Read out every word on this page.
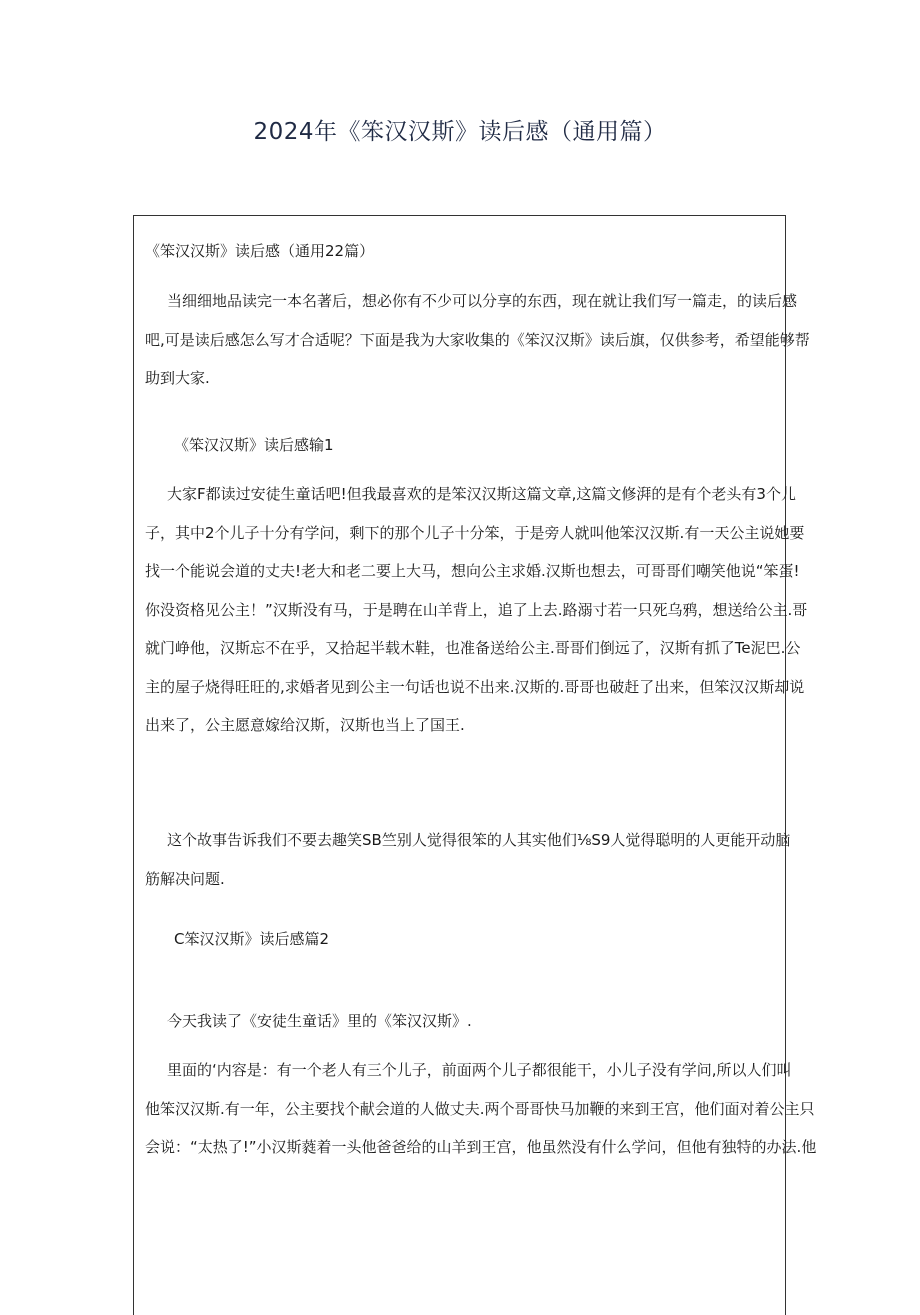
2024年《笨汉汉斯》读后感（通用篇）
《笨汉汉斯》读后感（通用22篇）
当细细地品读完一本名著后，想必你有不少可以分享的东西，现在就让我们写一篇走，的读后感
吧,可是读后感怎么写才合适呢？下面是我为大家收集的《笨汉汉斯》读后旗，仅供参考，希望能够帮
助到大家.
《笨汉汉斯》读后感输1
大家F都读过安徒生童话吧!但我最喜欢的是笨汉汉斯这篇文章,这篇文修湃的是有个老头有3个儿
子，其中2个儿子十分有学问，剩下的那个儿子十分笨，于是旁人就叫他笨汉汉斯.有一天公主说她要
找一个能说会道的丈夫!老大和老二要上大马，想向公主求婚.汉斯也想去，可哥哥们嘲笑他说“笨蛋!
你没资格见公主！”汉斯没有马，于是聘在山羊背上，追了上去.路溺寸若一只死乌鸦，想送给公主.哥
就门峥他，汉斯忘不在乎，又拾起半载木鞋，也准备送给公主.哥哥们倒远了，汉斯有抓了Te泥巴.公
主的屋子烧得旺旺的,求婚者见到公主一句话也说不出来.汉斯的.哥哥也破赶了出来，但笨汉汉斯却说
出来了，公主愿意嫁给汉斯，汉斯也当上了国王.
这个故事告诉我们不要去趣笑SB竺别人觉得很笨的人其实他们⅛S9人觉得聪明的人更能开动脑
筋解决问题.
C笨汉汉斯》读后感篇2
今天我读了《安徒生童话》里的《笨汉汉斯》.
里面的‘内容是：有一个老人有三个儿子，前面两个儿子都很能干，小儿子没有学问,所以人们叫
他笨汉汉斯.有一年，公主要找个献会道的人做丈夫.两个哥哥快马加鞭的来到王宫，他们面对着公主只
会说：“太热了!”小汉斯蕤着一头他爸爸给的山羊到王宫，他虽然没有什么学问，但他有独特的办法.他
